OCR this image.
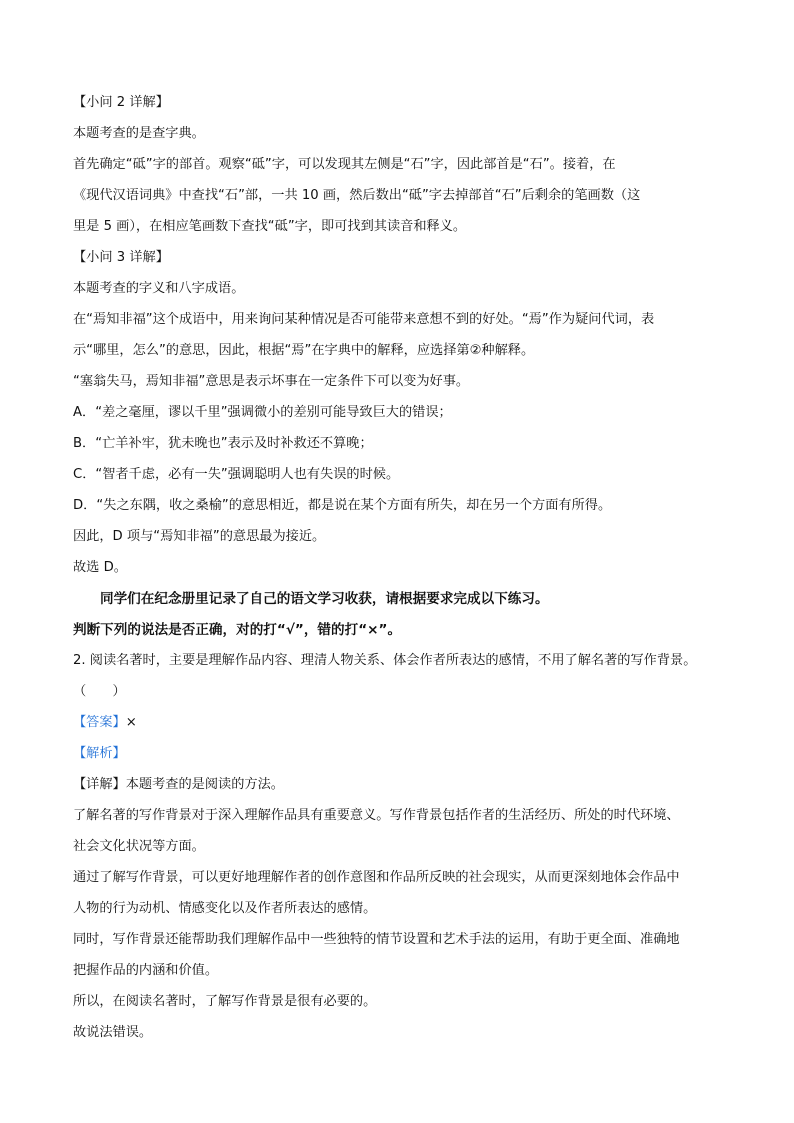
【小问 2 详解】
本题考查的是查字典。
首先确定“砥”字的部首。观察“砥”字，可以发现其左侧是“石”字，因此部首是“石”。接着，在
《现代汉语词典》中查找“石”部，一共 10 画，然后数出“砥”字去掉部首“石”后剩余的笔画数（这
里是 5 画），在相应笔画数下查找“砥”字，即可找到其读音和释义。
【小问 3 详解】
本题考查的字义和八字成语。
在“焉知非福”这个成语中，用来询问某种情况是否可能带来意想不到的好处。“焉”作为疑问代词，表
示“哪里，怎么”的意思，因此，根据“焉”在字典中的解释，应选择第②种解释。
“塞翁失马，焉知非福”意思是表示坏事在一定条件下可以变为好事。
A．“差之毫厘，谬以千里”强调微小的差别可能导致巨大的错误；
B．“亡羊补牢，犹未晚也”表示及时补救还不算晚；
C．“智者千虑，必有一失”强调聪明人也有失误的时候。
D．“失之东隅，收之桑榆”的意思相近，都是说在某个方面有所失，却在另一个方面有所得。
因此，D 项与“焉知非福”的意思最为接近。
故选 D。
同学们在纪念册里记录了自己的语文学习收获，请根据要求完成以下练习。
判断下列的说法是否正确，对的打“√”，错的打“×”。
2. 阅读名著时，主要是理解作品内容、理清人物关系、体会作者所表达的感情，不用了解名著的写作背景。
（　　）
【答案】×
【解析】
【详解】本题考查的是阅读的方法。
了解名著的写作背景对于深入理解作品具有重要意义。写作背景包括作者的生活经历、所处的时代环境、
社会文化状况等方面。
通过了解写作背景，可以更好地理解作者的创作意图和作品所反映的社会现实，从而更深刻地体会作品中
人物的行为动机、情感变化以及作者所表达的感情。
同时，写作背景还能帮助我们理解作品中一些独特的情节设置和艺术手法的运用，有助于更全面、准确地
把握作品的内涵和价值。
所以，在阅读名著时，了解写作背景是很有必要的。
故说法错误。
